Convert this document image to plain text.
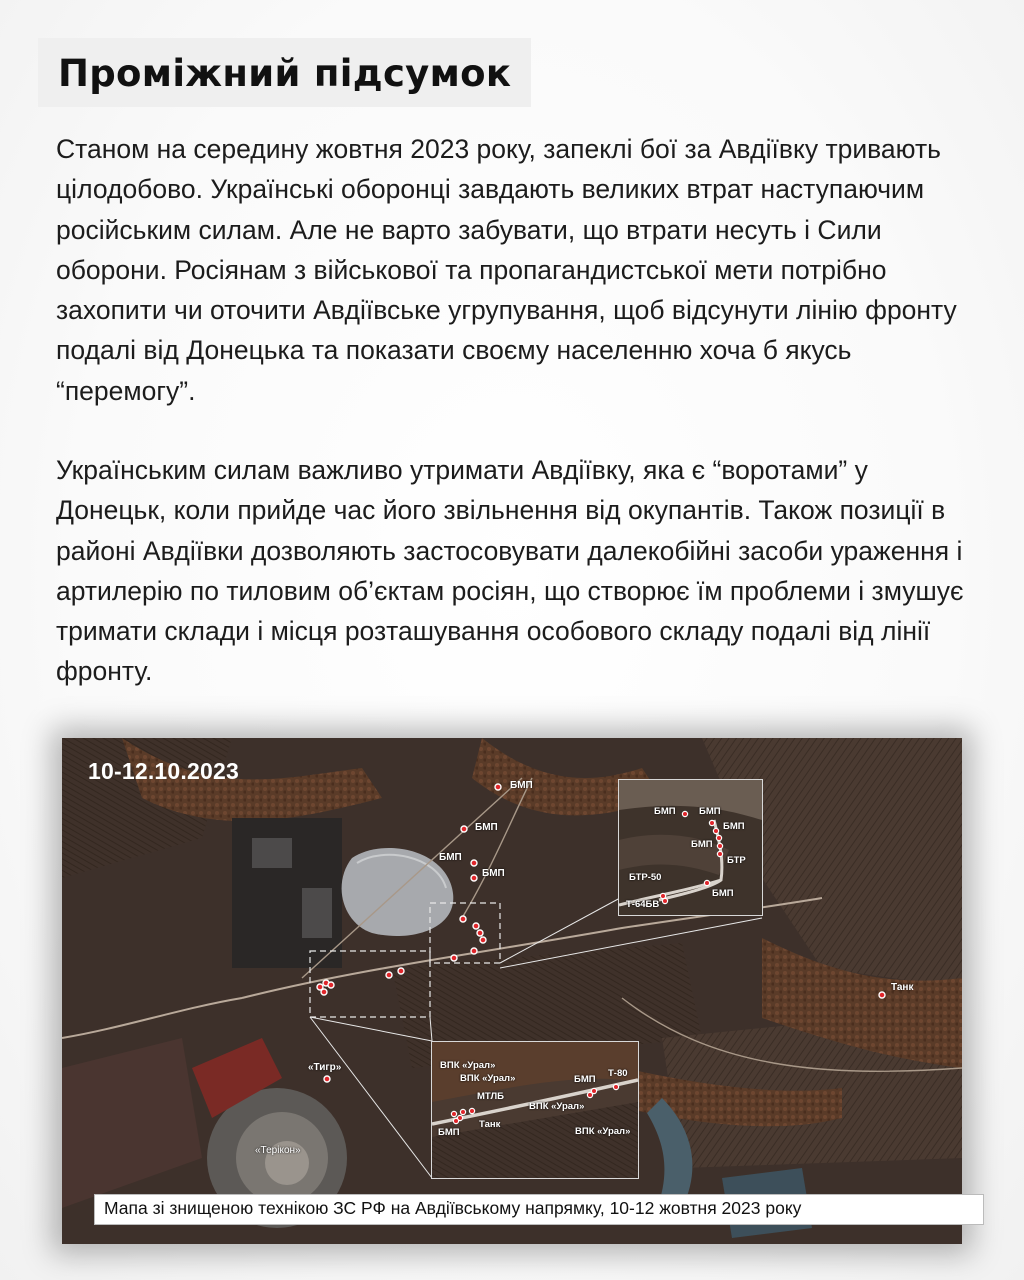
Проміжний підсумок

Станом на середину жовтня 2023 року, запеклі бої за Авдіївку тривають цілодобово. Українські оборонці завдають великих втрат наступаючим російським силам. Але не варто забувати, що втрати несуть і Сили оборони. Росіянам з військової та пропагандистської мети потрібно захопити чи оточити Авдіївське угрупування, щоб відсунути лінію фронту подалі від Донецька та показати своєму населенню хоча б якусь “перемогу”.

Українським силам важливо утримати Авдіївку, яка є “воротами” у Донецьк, коли прийде час його звільнення від окупантів. Також позиції в районі Авдіївки дозволяють застосовувати далекобійні засоби ураження і артилерію по тиловим об’єктам росіян, що створює їм проблеми і змушує тримати склади і місця розташування особового складу подалі від лінії фронту.

10-12.10.2023
БМП
БМП
БМП
БМП
Танк
«Тигр»
«Терікон»
БМП БМП
БМП
БМП
БТР
БТР-50
Т-64БВ
БМП
ВПК «Урал»
ВПК «Урал»	БМП
Т-80
МТЛБ
ВПК «Урал»
БМП
Танк
ВПК «Урал»
Мапа зі знищеною технікою ЗС РФ на Авдіївському напрямку, 10-12 жовтня 2023 року
